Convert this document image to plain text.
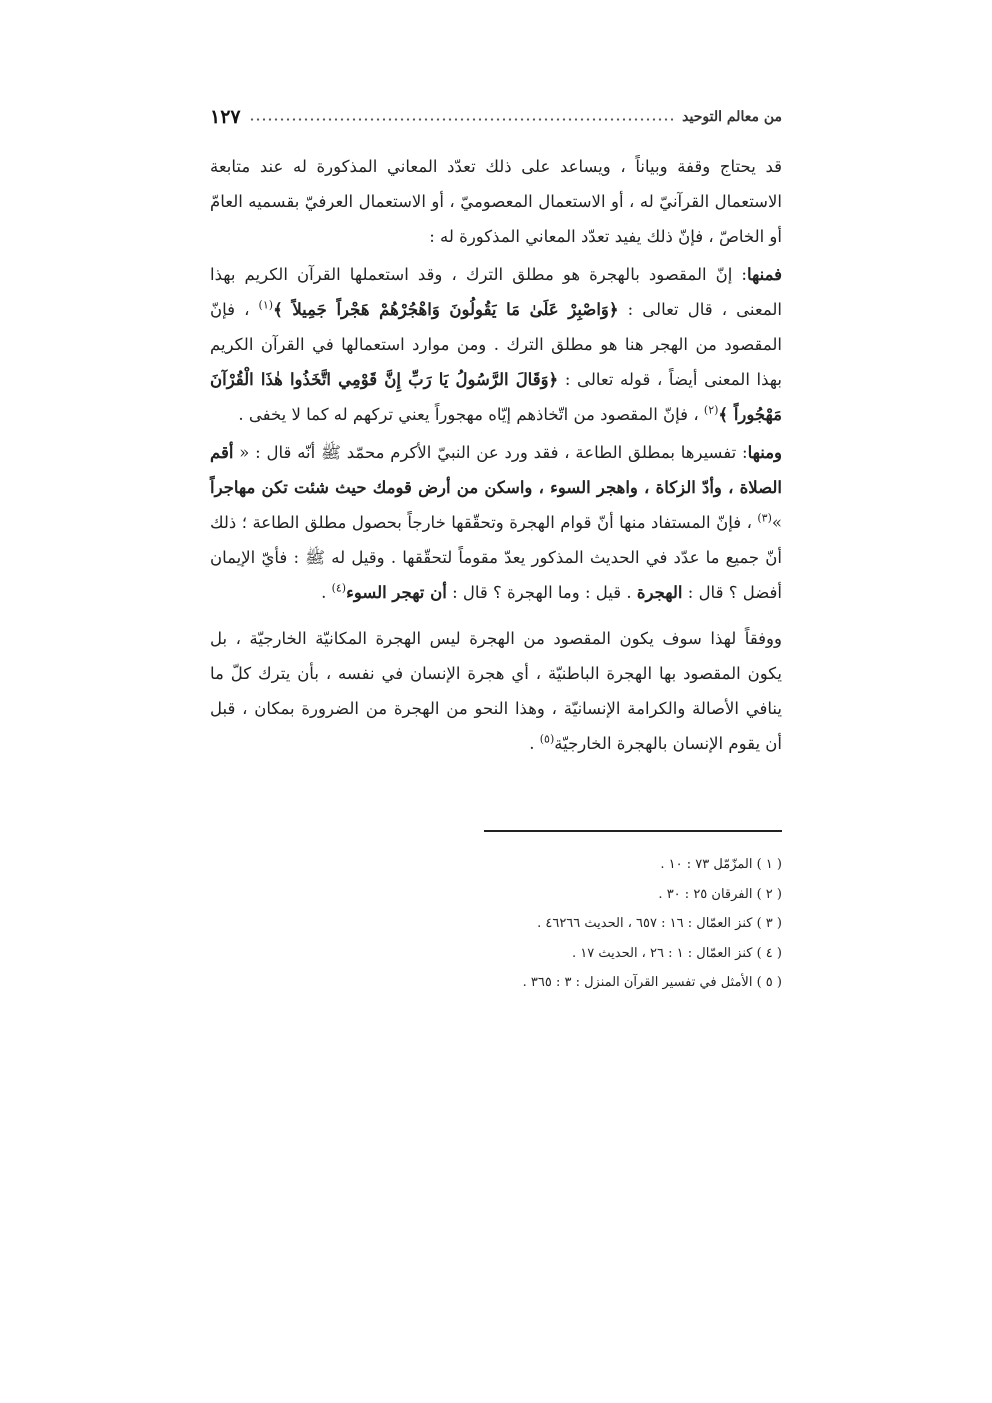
من معالم التوحيد
١٢٧

قد يحتاج وقفة وبياناً ، ويساعد على ذلك تعدّد المعاني المذكورة له عند متابعة الاستعمال القرآنيّ له ، أو الاستعمال المعصوميّ ، أو الاستعمال العرفيّ بقسميه العامّ أو الخاصّ ، فإنّ ذلك يفيد تعدّد المعاني المذكورة له :

فمنها: إنّ المقصود بالهجرة هو مطلق الترك ، وقد استعملها القرآن الكريم بهذا المعنى ، قال تعالى : ﴿وَاصْبِرْ عَلَىٰ مَا يَقُولُونَ وَاهْجُرْهُمْ هَجْراً جَمِيلاً ﴾$^{(١)}$ ، فإنّ المقصود من الهجر هنا هو مطلق الترك . ومن موارد استعمالها في القرآن الكريم بهذا المعنى أيضاً ، قوله تعالى : ﴿وَقَالَ الرَّسُولُ يَا رَبِّ إِنَّ قَوْمِي اتَّخَذُوا هٰذَا الْقُرْآنَ مَهْجُوراً ﴾$^{(٢)}$ ، فإنّ المقصود من اتّخاذهم إيّاه مهجوراً يعني تركهم له كما لا يخفى .

ومنها: تفسيرها بمطلق الطاعة ، فقد ورد عن النبيّ الأكرم محمّد ﷺ أنّه قال : « أقم الصلاة ، وأدّ الزكاة ، واهجر السوء ، واسكن من أرض قومك حيث شئت تكن مهاجراً »$^{(٣)}$ ، فإنّ المستفاد منها أنّ قوام الهجرة وتحقّقها خارجاً بحصول مطلق الطاعة ؛ ذلك أنّ جميع ما عدّد في الحديث المذكور يعدّ مقوماً لتحقّقها . وقيل له ﷺ : فأيّ الإيمان أفضل ؟ قال : الهجرة . قيل : وما الهجرة ؟ قال : أن تهجر السوء$^{(٤)}$ .

ووفقاً لهذا سوف يكون المقصود من الهجرة ليس الهجرة المكانيّة الخارجيّة ، بل يكون المقصود بها الهجرة الباطنيّة ، أي هجرة الإنسان في نفسه ، بأن يترك كلّ ما ينافي الأصالة والكرامة الإنسانيّة ، وهذا النحو من الهجرة من الضرورة بمكان ، قبل أن يقوم الإنسان بالهجرة الخارجيّة$^{(٥)}$ .

( ١ ) المزّمّل ٧٣ : ١٠ .
( ٢ ) الفرقان ٢٥ : ٣٠ .
( ٣ ) كنز العمّال : ١٦ : ٦٥٧ ، الحديث ٤٦٢٦٦ .
( ٤ ) كنز العمّال : ١ : ٢٦ ، الحديث ١٧ .
( ٥ ) الأمثل في تفسير القرآن المنزل : ٣ : ٣٦٥ .
